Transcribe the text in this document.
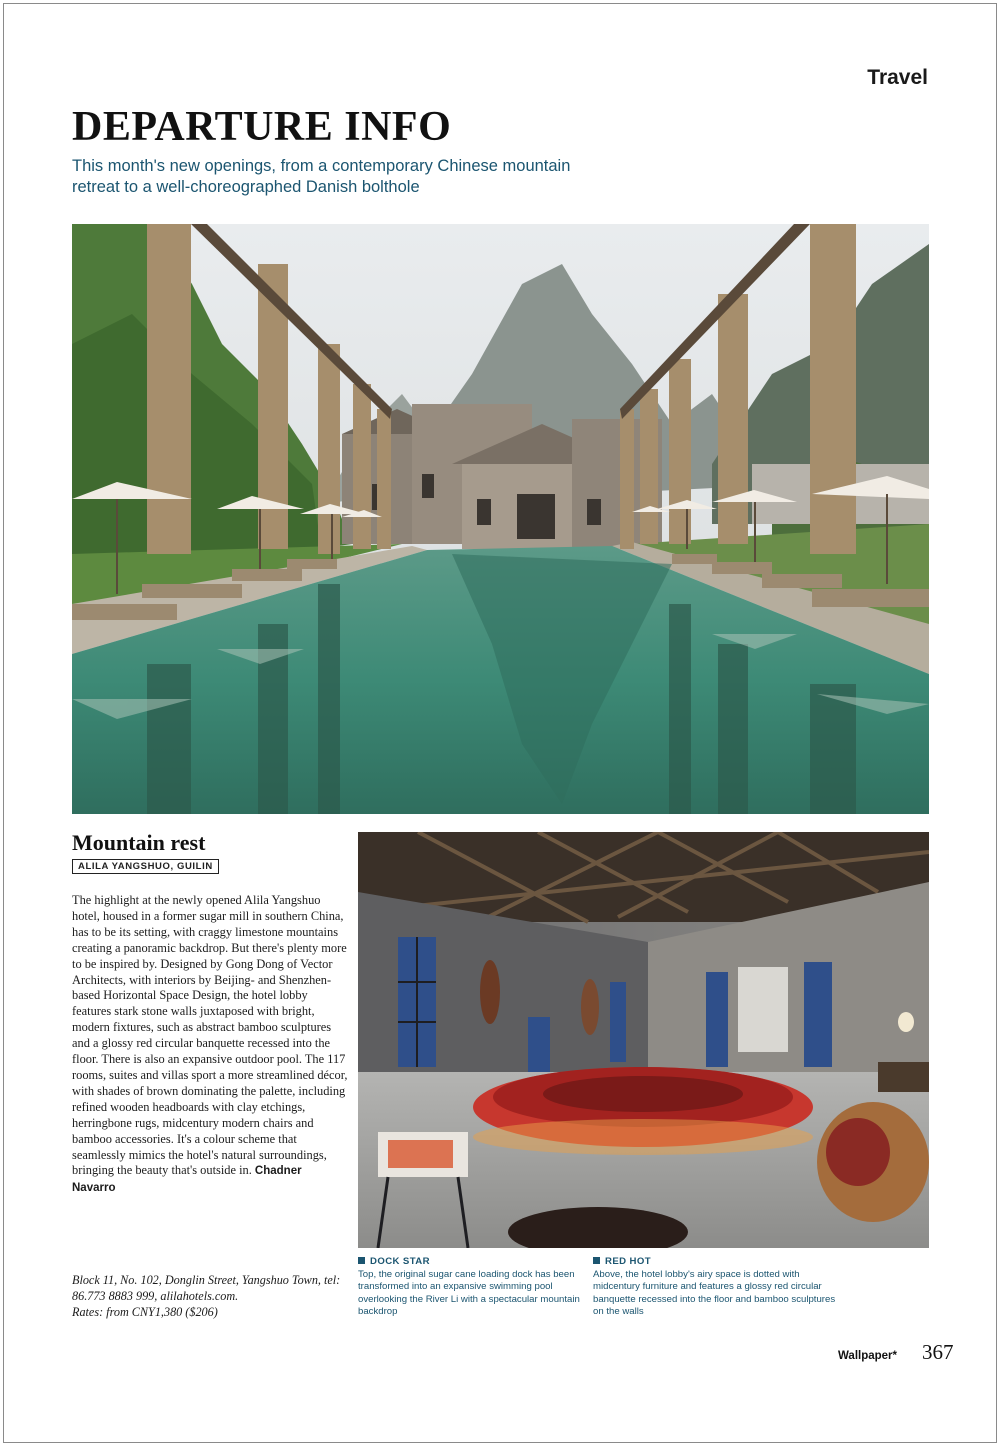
Travel
DEPARTURE INFO
This month's new openings, from a contemporary Chinese mountain retreat to a well-choreographed Danish bolthole
Mountain rest
ALILA YANGSHUO, GUILIN
The highlight at the newly opened Alila Yangshuo hotel, housed in a former sugar mill in southern China, has to be its setting, with craggy limestone mountains creating a panoramic backdrop. But there's plenty more to be inspired by. Designed by Gong Dong of Vector Architects, with interiors by Beijing- and Shenzhen-based Horizontal Space Design, the hotel lobby features stark stone walls juxtaposed with bright, modern fixtures, such as abstract bamboo sculptures and a glossy red circular banquette recessed into the floor. There is also an expansive outdoor pool. The 117 rooms, suites and villas sport a more streamlined décor, with shades of brown dominating the palette, including refined wooden headboards with clay etchings, herringbone rugs, midcentury modern chairs and bamboo accessories. It's a colour scheme that seamlessly mimics the hotel's natural surroundings, bringing the beauty that's outside in. Chadner Navarro
Block 11, No. 102, Donglin Street, Yangshuo Town, tel: 86.773 8883 999, alilahotels.com.
Rates: from CNY1,380 ($206)
DOCK STAR
Top, the original sugar cane loading dock has been transformed into an expansive swimming pool overlooking the River Li with a spectacular mountain backdrop
RED HOT
Above, the hotel lobby's airy space is dotted with midcentury furniture and features a glossy red circular banquette recessed into the floor and bamboo sculptures on the walls
Wallpaper* 367
